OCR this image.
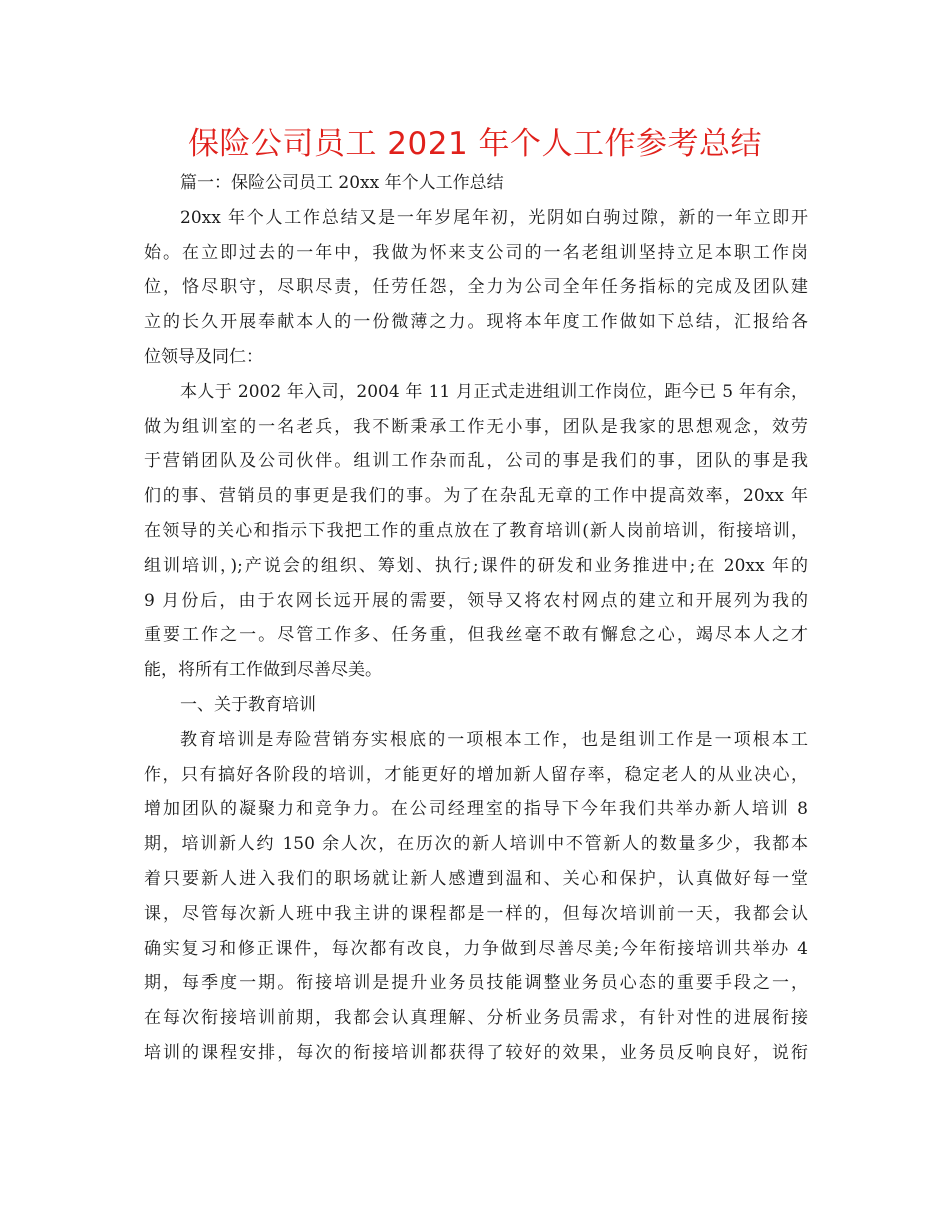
保险公司员工 2021 年个人工作参考总结
篇一：保险公司员工 20xx 年个人工作总结
20xx 年个人工作总结又是一年岁尾年初，光阴如白驹过隙，新的一年立即开
始。在立即过去的一年中，我做为怀来支公司的一名老组训坚持立足本职工作岗
位，恪尽职守，尽职尽责，任劳任怨，全力为公司全年任务指标的完成及团队建
立的长久开展奉献本人的一份微薄之力。现将本年度工作做如下总结，汇报给各
位领导及同仁：
本人于 2002 年入司，2004 年 11 月正式走进组训工作岗位，距今已 5 年有余，
做为组训室的一名老兵，我不断秉承工作无小事，团队是我家的思想观念，效劳
于营销团队及公司伙伴。组训工作杂而乱，公司的事是我们的事，团队的事是我
们的事、营销员的事更是我们的事。为了在杂乱无章的工作中提高效率，20xx 年
在领导的关心和指示下我把工作的重点放在了教育培训(新人岗前培训，衔接培训，
组训培训，);产说会的组织、筹划、执行;课件的研发和业务推进中;在 20xx 年的
9 月份后，由于农网长远开展的需要，领导又将农村网点的建立和开展列为我的
重要工作之一。尽管工作多、任务重，但我丝毫不敢有懈怠之心，竭尽本人之才
能，将所有工作做到尽善尽美。
一、关于教育培训
教育培训是寿险营销夯实根底的一项根本工作，也是组训工作是一项根本工
作，只有搞好各阶段的培训，才能更好的增加新人留存率，稳定老人的从业决心，
增加团队的凝聚力和竞争力。在公司经理室的指导下今年我们共举办新人培训 8
期，培训新人约 150 余人次，在历次的新人培训中不管新人的数量多少，我都本
着只要新人进入我们的职场就让新人感遭到温和、关心和保护，认真做好每一堂
课，尽管每次新人班中我主讲的课程都是一样的，但每次培训前一天，我都会认
确实复习和修正课件，每次都有改良，力争做到尽善尽美;今年衔接培训共举办 4
期，每季度一期。衔接培训是提升业务员技能调整业务员心态的重要手段之一，
在每次衔接培训前期，我都会认真理解、分析业务员需求，有针对性的进展衔接
培训的课程安排，每次的衔接培训都获得了较好的效果，业务员反响良好，说衔
